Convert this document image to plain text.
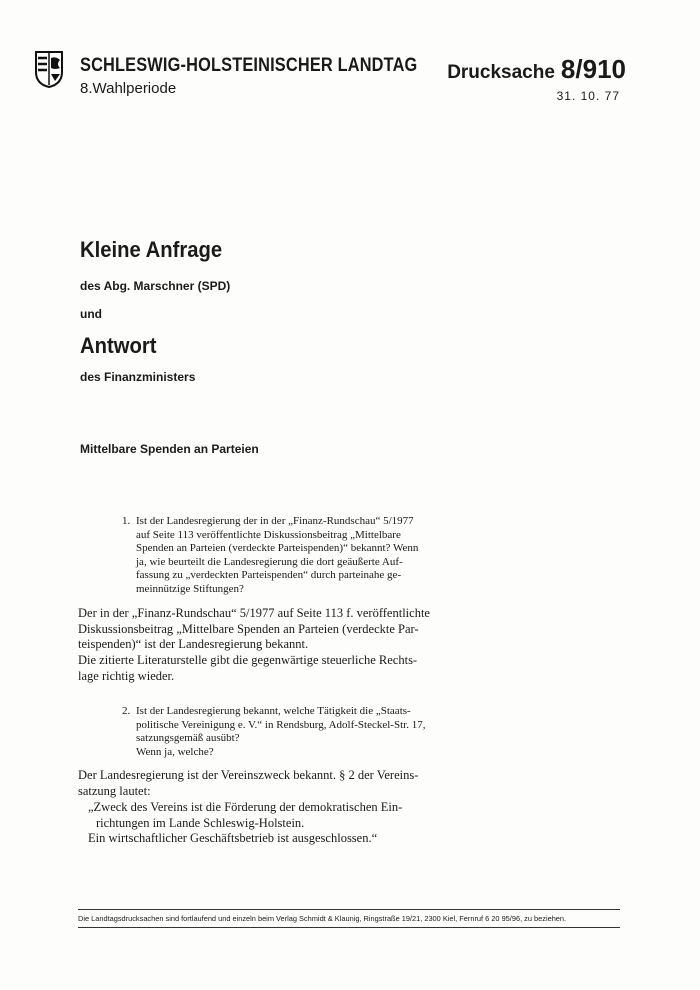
SCHLESWIG-HOLSTEINISCHER LANDTAG
8.Wahlperiode
Drucksache 8/910
31. 10. 77
Kleine Anfrage
des Abg. Marschner (SPD)
und
Antwort
des Finanzministers
Mittelbare Spenden an Parteien
1. Ist der Landesregierung der in der „Finanz-Rundschau“ 5/1977
auf Seite 113 veröffentlichte Diskussionsbeitrag „Mittelbare
Spenden an Parteien (verdeckte Parteispenden)“ bekannt? Wenn
ja, wie beurteilt die Landesregierung die dort geäußerte Auf-
fassung zu „verdeckten Parteispenden“ durch parteinahe ge-
meinnützige Stiftungen?
Der in der „Finanz-Rundschau“ 5/1977 auf Seite 113 f. veröffentlichte
Diskussionsbeitrag „Mittelbare Spenden an Parteien (verdeckte Par-
teispenden)“ ist der Landesregierung bekannt.
Die zitierte Literaturstelle gibt die gegenwärtige steuerliche Rechts-
lage richtig wieder.
2. Ist der Landesregierung bekannt, welche Tätigkeit die „Staats-
politische Vereinigung e. V.“ in Rendsburg, Adolf-Steckel-Str. 17,
satzungsgemäß ausübt?
Wenn ja, welche?
Der Landesregierung ist der Vereinszweck bekannt. § 2 der Vereins-
satzung lautet:
„Zweck des Vereins ist die Förderung der demokratischen Ein-
richtungen im Lande Schleswig-Holstein.
Ein wirtschaftlicher Geschäftsbetrieb ist ausgeschlossen.“
Die Landtagsdrucksachen sind fortlaufend und einzeln beim Verlag Schmidt & Klaunig, Ringstraße 19/21, 2300 Kiel, Fernruf 6 20 95/96, zu beziehen.
